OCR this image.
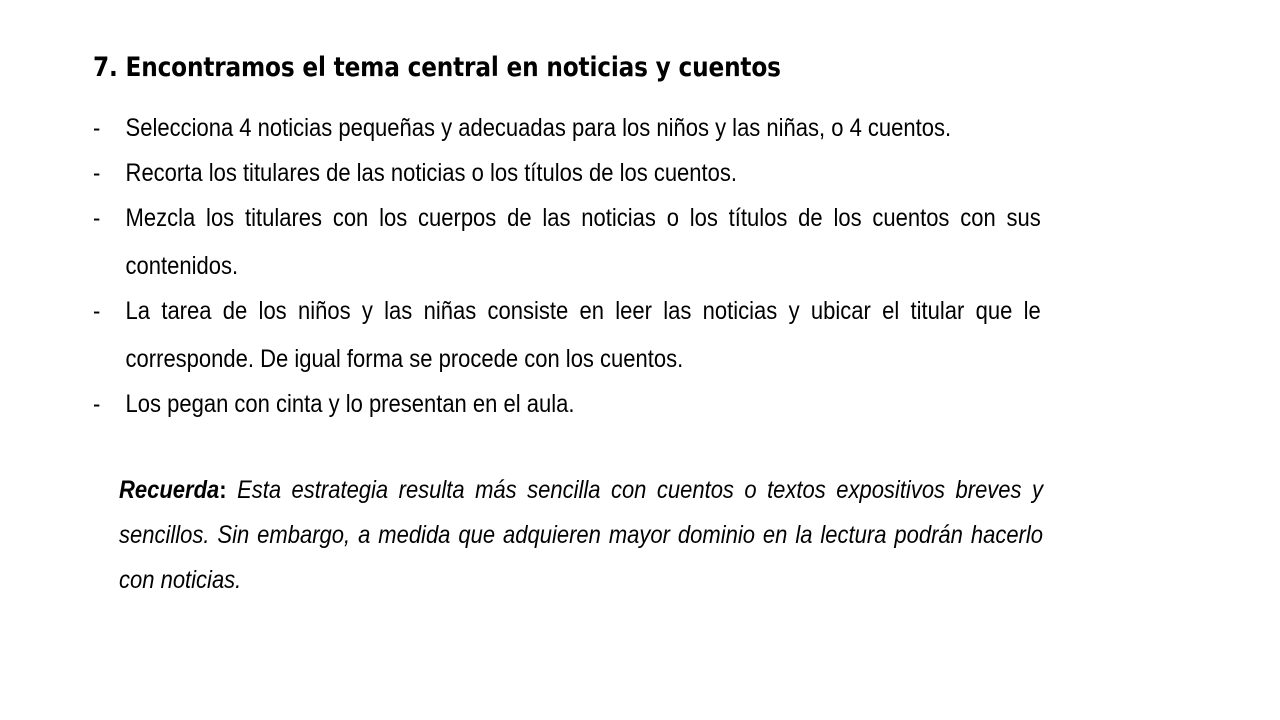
7. Encontramos el tema central en noticias y cuentos
- Selecciona 4 noticias pequeñas y adecuadas para los niños y las niñas, o 4 cuentos.
- Recorta los titulares de las noticias o los títulos de los cuentos.
- Mezcla los titulares con los cuerpos de las noticias o los títulos de los cuentos con sus contenidos.
- La tarea de los niños y las niñas consiste en leer las noticias y ubicar el titular que le corresponde. De igual forma se procede con los cuentos.
- Los pegan con cinta y lo presentan en el aula.

Recuerda: Esta estrategia resulta más sencilla con cuentos o textos expositivos breves y sencillos. Sin embargo, a medida que adquieren mayor dominio en la lectura podrán hacerlo con noticias.
